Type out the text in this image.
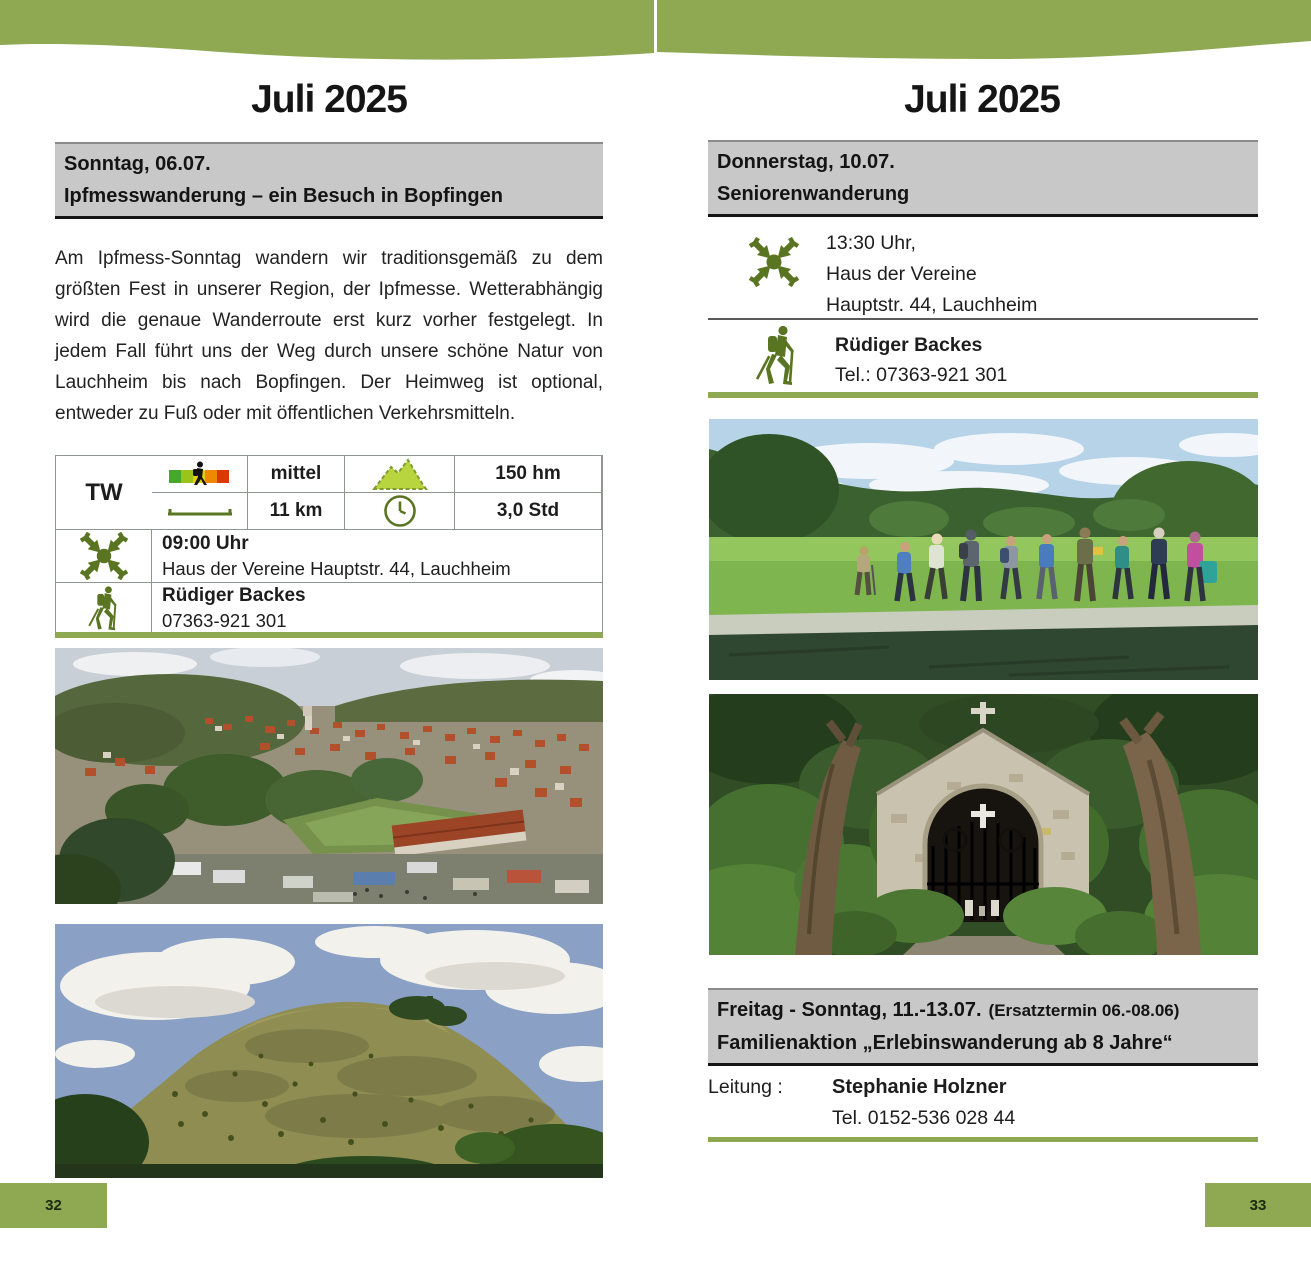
Juli 2025
Sonntag, 06.07.
Ipfmesswanderung – ein Besuch in Bopfingen

Am Ipfmess-Sonntag wandern wir traditionsgemäß zu dem größten Fest in unserer Region, der Ipfmesse. Wetterabhängig wird die genaue Wanderroute erst kurz vorher festgelegt. In jedem Fall führt uns der Weg durch unsere schöne Natur von Lauchheim bis nach Bopfingen. Der Heimweg ist optional, entweder zu Fuß oder mit öffentlichen Verkehrsmitteln.

mittel	150 hm
TW
11 km	3,0 Std
09:00 Uhr
Haus der Vereine Hauptstr. 44, Lauchheim
Rüdiger Backes
07363-921 301
32
Juli 2025
Donnerstag, 10.07.
Seniorenwanderung
13:30 Uhr,
Haus der Vereine
Hauptstr. 44, Lauchheim
Rüdiger Backes
Tel.: 07363-921 301
Freitag - Sonntag, 11.-13.07. (Ersatztermin 06.-08.06)
Familienaktion „Erlebinswanderung ab 8 Jahre“
Leitung : Stephanie Holzner
Tel. 0152-536 028 44
33
